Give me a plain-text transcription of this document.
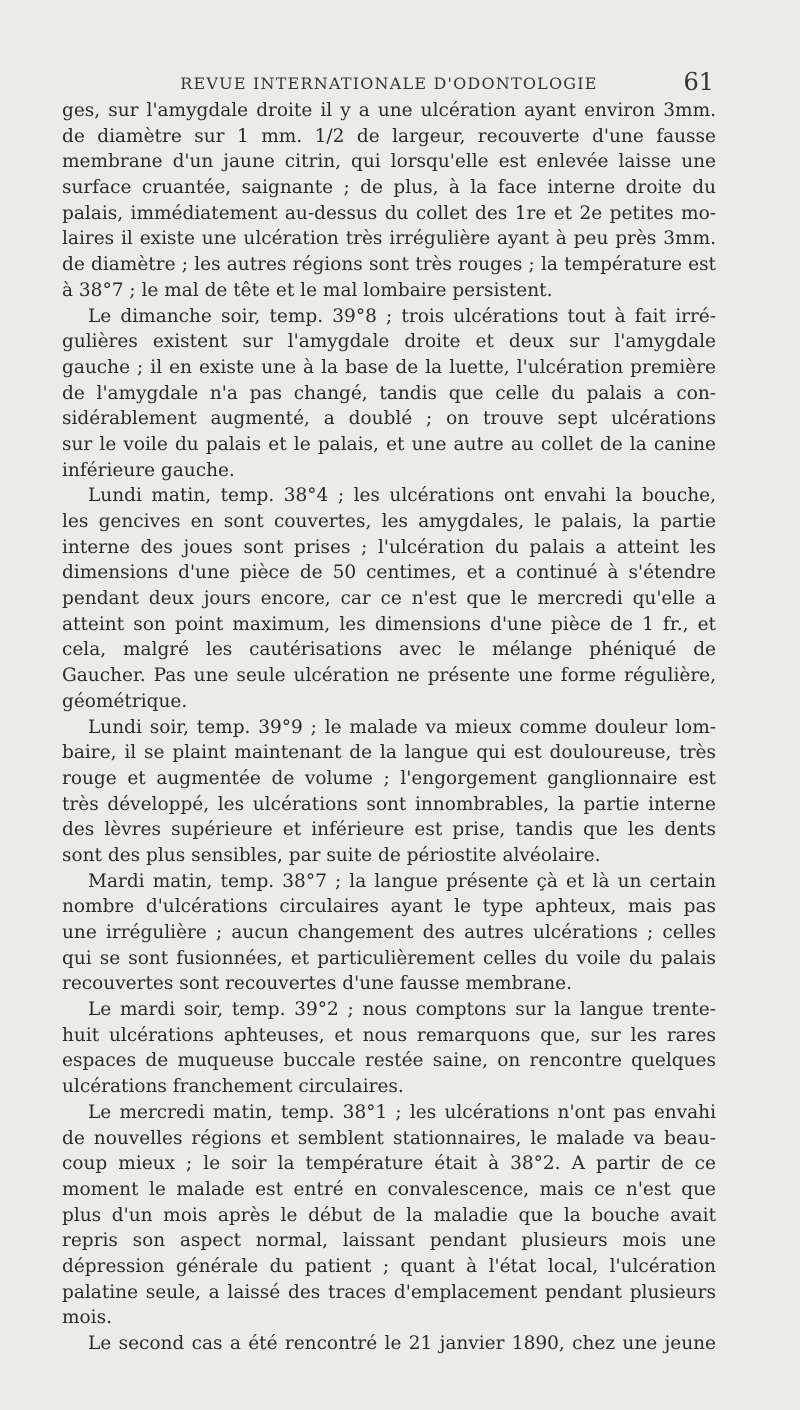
REVUE INTERNATIONALE D'ODONTOLOGIE	61
ges, sur l'amygdale droite il y a une ulcération ayant environ 3mm.
de diamètre sur 1 mm. 1/2 de largeur, recouverte d'une fausse
membrane d'un jaune citrin, qui lorsqu'elle est enlevée laisse une
surface cruantée, saignante ; de plus, à la face interne droite du
palais, immédiatement au-dessus du collet des 1re et 2e petites mo-
laires il existe une ulcération très irrégulière ayant à peu près 3mm.
de diamètre ; les autres régions sont très rouges ; la température est
à 38°7 ; le mal de tête et le mal lombaire persistent.
Le dimanche soir, temp. 39°8 ; trois ulcérations tout à fait irré-
gulières existent sur l'amygdale droite et deux sur l'amygdale
gauche ; il en existe une à la base de la luette, l'ulcération première
de l'amygdale n'a pas changé, tandis que celle du palais a con-
sidérablement augmenté, a doublé ; on trouve sept ulcérations
sur le voile du palais et le palais, et une autre au collet de la canine
inférieure gauche.
Lundi matin, temp. 38°4 ; les ulcérations ont envahi la bouche,
les gencives en sont couvertes, les amygdales, le palais, la partie
interne des joues sont prises ; l'ulcération du palais a atteint les
dimensions d'une pièce de 50 centimes, et a continué à s'étendre
pendant deux jours encore, car ce n'est que le mercredi qu'elle a
atteint son point maximum, les dimensions d'une pièce de 1 fr., et
cela, malgré les cautérisations avec le mélange phéniqué de
Gaucher. Pas une seule ulcération ne présente une forme régulière,
géométrique.
Lundi soir, temp. 39°9 ; le malade va mieux comme douleur lom-
baire, il se plaint maintenant de la langue qui est douloureuse, très
rouge et augmentée de volume ; l'engorgement ganglionnaire est
très développé, les ulcérations sont innombrables, la partie interne
des lèvres supérieure et inférieure est prise, tandis que les dents
sont des plus sensibles, par suite de périostite alvéolaire.
Mardi matin, temp. 38°7 ; la langue présente çà et là un certain
nombre d'ulcérations circulaires ayant le type aphteux, mais pas
une irrégulière ; aucun changement des autres ulcérations ; celles
qui se sont fusionnées, et particulièrement celles du voile du palais
recouvertes sont recouvertes d'une fausse membrane.
Le mardi soir, temp. 39°2 ; nous comptons sur la langue trente-
huit ulcérations aphteuses, et nous remarquons que, sur les rares
espaces de muqueuse buccale restée saine, on rencontre quelques
ulcérations franchement circulaires.
Le mercredi matin, temp. 38°1 ; les ulcérations n'ont pas envahi
de nouvelles régions et semblent stationnaires, le malade va beau-
coup mieux ; le soir la température était à 38°2. A partir de ce
moment le malade est entré en convalescence, mais ce n'est que
plus d'un mois après le début de la maladie que la bouche avait
repris son aspect normal, laissant pendant plusieurs mois une
dépression générale du patient ; quant à l'état local, l'ulcération
palatine seule, a laissé des traces d'emplacement pendant plusieurs
mois.
Le second cas a été rencontré le 21 janvier 1890, chez une jeune
